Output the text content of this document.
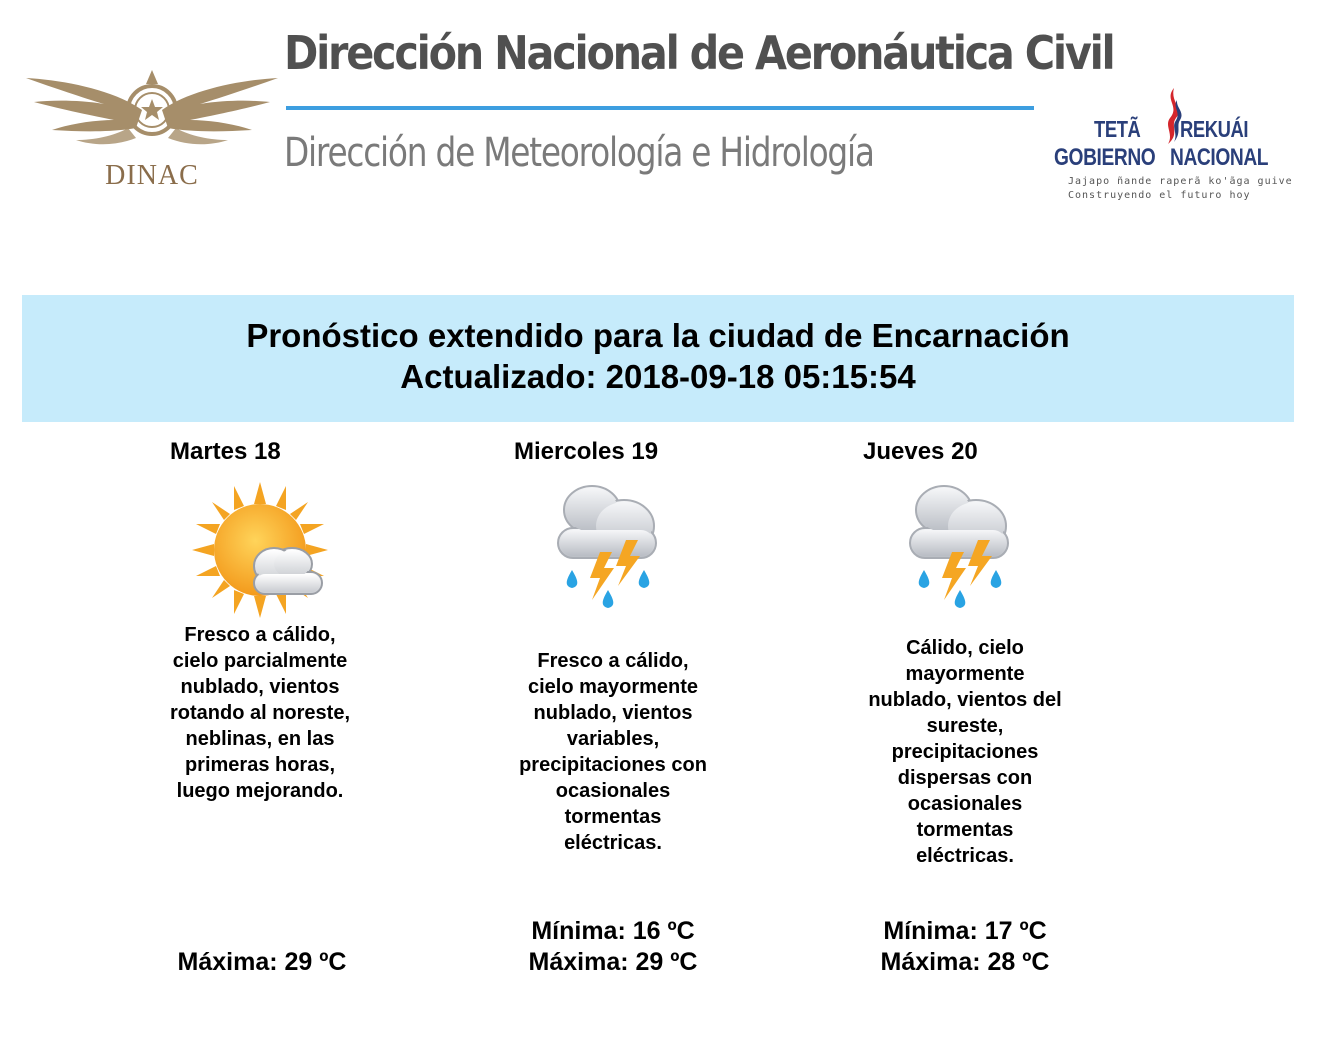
DINAC
Dirección Nacional de Aeronáutica Civil
Dirección de Meteorología e Hidrología
TETÃ REKUÁI
GOBIERNO NACIONAL
Jajapo ñande raperã ko'ãga guive
Construyendo el futuro hoy
Pronóstico extendido para la ciudad de Encarnación
Actualizado: 2018-09-18 05:15:54
Martes 18
Fresco a cálido, cielo parcialmente nublado, vientos rotando al noreste, neblinas, en las primeras horas, luego mejorando.
Máxima: 29 ºC
Miercoles 19
Fresco a cálido, cielo mayormente nublado, vientos variables, precipitaciones con ocasionales tormentas eléctricas.
Mínima: 16 ºC
Máxima: 29 ºC
Jueves 20
Cálido, cielo mayormente nublado, vientos del sureste, precipitaciones dispersas con ocasionales tormentas eléctricas.
Mínima: 17 ºC
Máxima: 28 ºC
